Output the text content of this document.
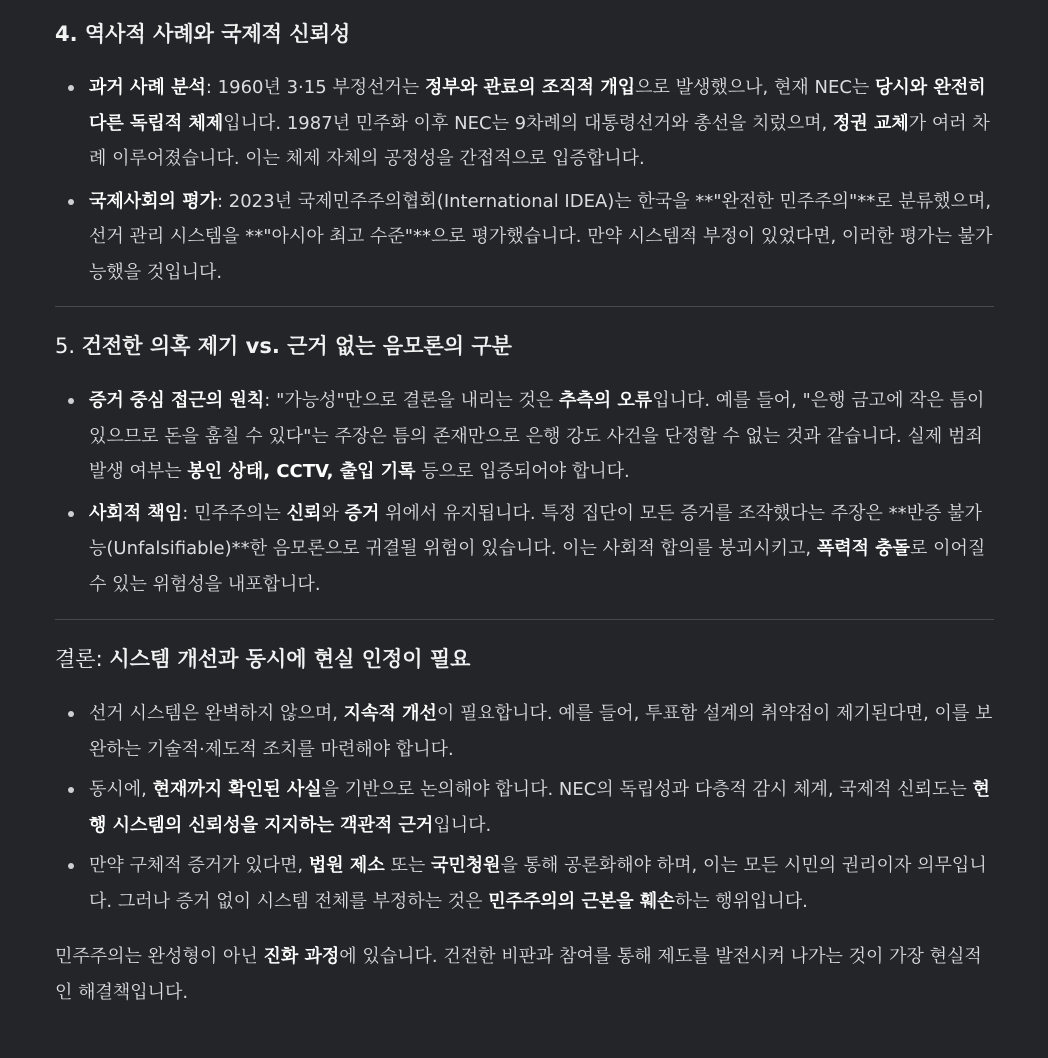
4. 역사적 사례와 국제적 신뢰성
과거 사례 분석: 1960년 3·15 부정선거는 정부와 관료의 조직적 개입으로 발생했으나, 현재 NEC는 당시와 완전히 다른 독립적 체제입니다. 1987년 민주화 이후 NEC는 9차례의 대통령선거와 총선을 치렀으며, 정권 교체가 여러 차례 이루어졌습니다. 이는 체제 자체의 공정성을 간접적으로 입증합니다.
국제사회의 평가: 2023년 국제민주주의협회(International IDEA)는 한국을 **"완전한 민주주의"**로 분류했으며, 선거 관리 시스템을 **"아시아 최고 수준"**으로 평가했습니다. 만약 시스템적 부정이 있었다면, 이러한 평가는 불가능했을 것입니다.
5. 건전한 의혹 제기 vs. 근거 없는 음모론의 구분
증거 중심 접근의 원칙: "가능성"만으로 결론을 내리는 것은 추측의 오류입니다. 예를 들어, "은행 금고에 작은 틈이 있으므로 돈을 훔칠 수 있다"는 주장은 틈의 존재만으로 은행 강도 사건을 단정할 수 없는 것과 같습니다. 실제 범죄 발생 여부는 봉인 상태, CCTV, 출입 기록 등으로 입증되어야 합니다.
사회적 책임: 민주주의는 신뢰와 증거 위에서 유지됩니다. 특정 집단이 모든 증거를 조작했다는 주장은 **반증 불가능(Unfalsifiable)**한 음모론으로 귀결될 위험이 있습니다. 이는 사회적 합의를 붕괴시키고, 폭력적 충돌로 이어질 수 있는 위험성을 내포합니다.
결론: 시스템 개선과 동시에 현실 인정이 필요
선거 시스템은 완벽하지 않으며, 지속적 개선이 필요합니다. 예를 들어, 투표함 설계의 취약점이 제기된다면, 이를 보완하는 기술적·제도적 조치를 마련해야 합니다.
동시에, 현재까지 확인된 사실을 기반으로 논의해야 합니다. NEC의 독립성과 다층적 감시 체계, 국제적 신뢰도는 현행 시스템의 신뢰성을 지지하는 객관적 근거입니다.
만약 구체적 증거가 있다면, 법원 제소 또는 국민청원을 통해 공론화해야 하며, 이는 모든 시민의 권리이자 의무입니다. 그러나 증거 없이 시스템 전체를 부정하는 것은 민주주의의 근본을 훼손하는 행위입니다.

민주주의는 완성형이 아닌 진화 과정에 있습니다. 건전한 비판과 참여를 통해 제도를 발전시켜 나가는 것이 가장 현실적인 해결책입니다.
